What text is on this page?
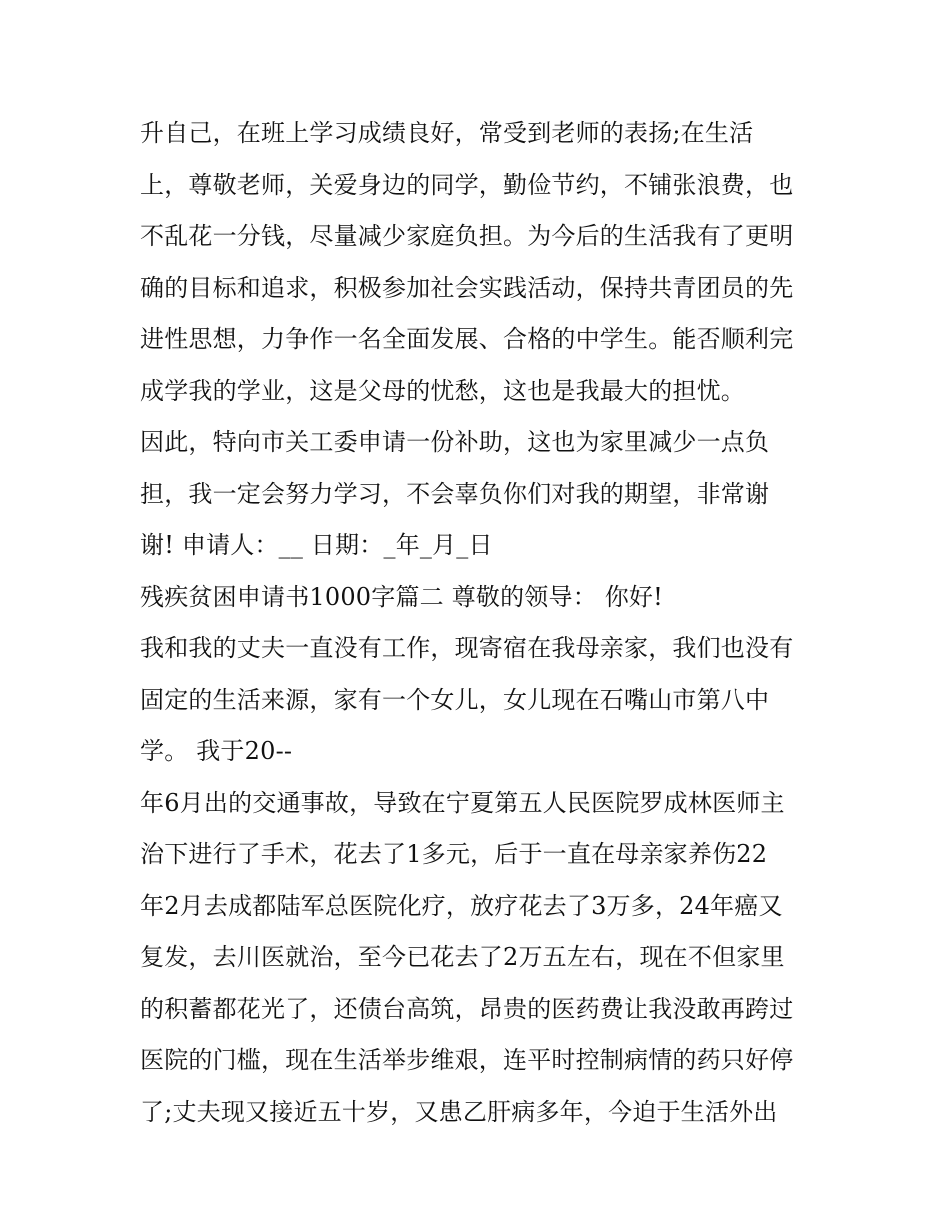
升自己，在班上学习成绩良好，常受到老师的表扬;在生活
上，尊敬老师，关爱身边的同学，勤俭节约，不铺张浪费，也
不乱花一分钱，尽量减少家庭负担。为今后的生活我有了更明
确的目标和追求，积极参加社会实践活动，保持共青团员的先
进性思想，力争作一名全面发展、合格的中学生。能否顺利完
成学我的学业，这是父母的忧愁，这也是我最大的担忧。
因此，特向市关工委申请一份补助，这也为家里减少一点负
担，我一定会努力学习，不会辜负你们对我的期望，非常谢
谢! 申请人：__ 日期：_年_月_日
残疾贫困申请书1000字篇二 尊敬的领导： 你好!
我和我的丈夫一直没有工作，现寄宿在我母亲家，我们也没有
固定的生活来源，家有一个女儿，女儿现在石嘴山市第八中
学。 我于20--
年6月出的交通事故，导致在宁夏第五人民医院罗成林医师主
治下进行了手术，花去了1多元，后于一直在母亲家养伤22
年2月去成都陆军总医院化疗，放疗花去了3万多，24年癌又
复发，去川医就治，至今已花去了2万五左右，现在不但家里
的积蓄都花光了，还债台高筑，昂贵的医药费让我没敢再跨过
医院的门槛，现在生活举步维艰，连平时控制病情的药只好停
了;丈夫现又接近五十岁，又患乙肝病多年，今迫于生活外出
